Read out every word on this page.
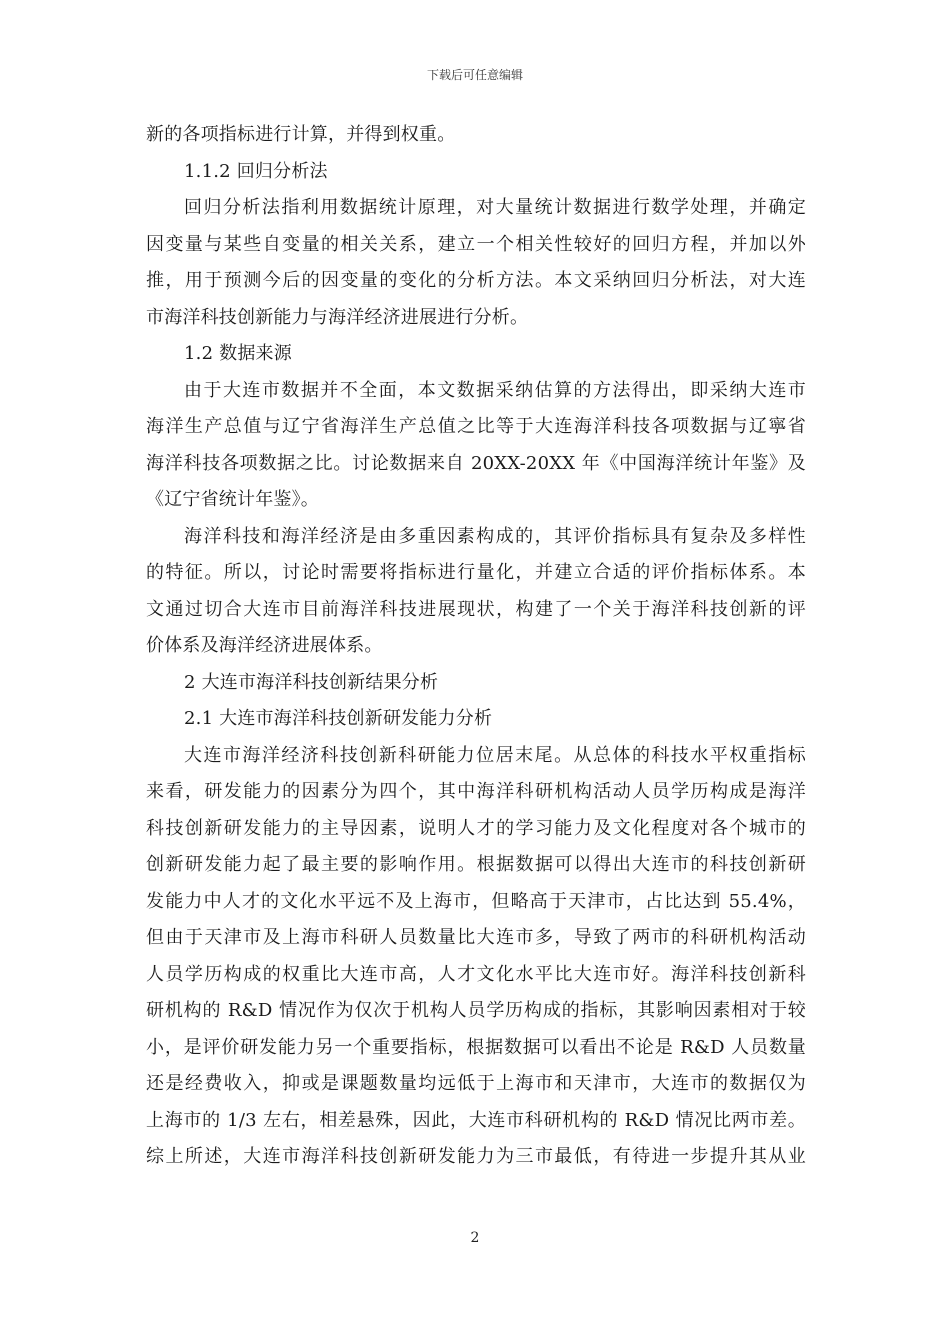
下载后可任意编辑
新的各项指标进行计算，并得到权重。
1.1.2 回归分析法
回归分析法指利用数据统计原理，对大量统计数据进行数学处理，并确定
因变量与某些自变量的相关关系，建立一个相关性较好的回归方程，并加以外
推，用于预测今后的因变量的变化的分析方法。本文采纳回归分析法，对大连
市海洋科技创新能力与海洋经济进展进行分析。
1.2 数据来源
由于大连市数据并不全面，本文数据采纳估算的方法得出，即采纳大连市
海洋生产总值与辽宁省海洋生产总值之比等于大连海洋科技各项数据与辽寧省
海洋科技各项数据之比。讨论数据来自 20XX-20XX 年《中国海洋统计年鉴》及
《辽宁省统计年鉴》。
海洋科技和海洋经济是由多重因素构成的，其评价指标具有复杂及多样性
的特征。所以，讨论时需要将指标进行量化，并建立合适的评价指标体系。本
文通过切合大连市目前海洋科技进展现状，构建了一个关于海洋科技创新的评
价体系及海洋经济进展体系。
2 大连市海洋科技创新结果分析
2.1 大连市海洋科技创新研发能力分析
大连市海洋经济科技创新科研能力位居末尾。从总体的科技水平权重指标
来看，研发能力的因素分为四个，其中海洋科研机构活动人员学历构成是海洋
科技创新研发能力的主导因素，说明人才的学习能力及文化程度对各个城市的
创新研发能力起了最主要的影响作用。根据数据可以得出大连市的科技创新研
发能力中人才的文化水平远不及上海市，但略高于天津市，占比达到 55.4%，
但由于天津市及上海市科研人员数量比大连市多，导致了两市的科研机构活动
人员学历构成的权重比大连市高，人才文化水平比大连市好。海洋科技创新科
研机构的 R&D 情况作为仅次于机构人员学历构成的指标，其影响因素相对于较
小，是评价研发能力另一个重要指标，根据数据可以看出不论是 R&D 人员数量
还是经费收入，抑或是课题数量均远低于上海市和天津市，大连市的数据仅为
上海市的 1/3 左右，相差悬殊，因此，大连市科研机构的 R&D 情况比两市差。
综上所述，大连市海洋科技创新研发能力为三市最低，有待进一步提升其从业
2
